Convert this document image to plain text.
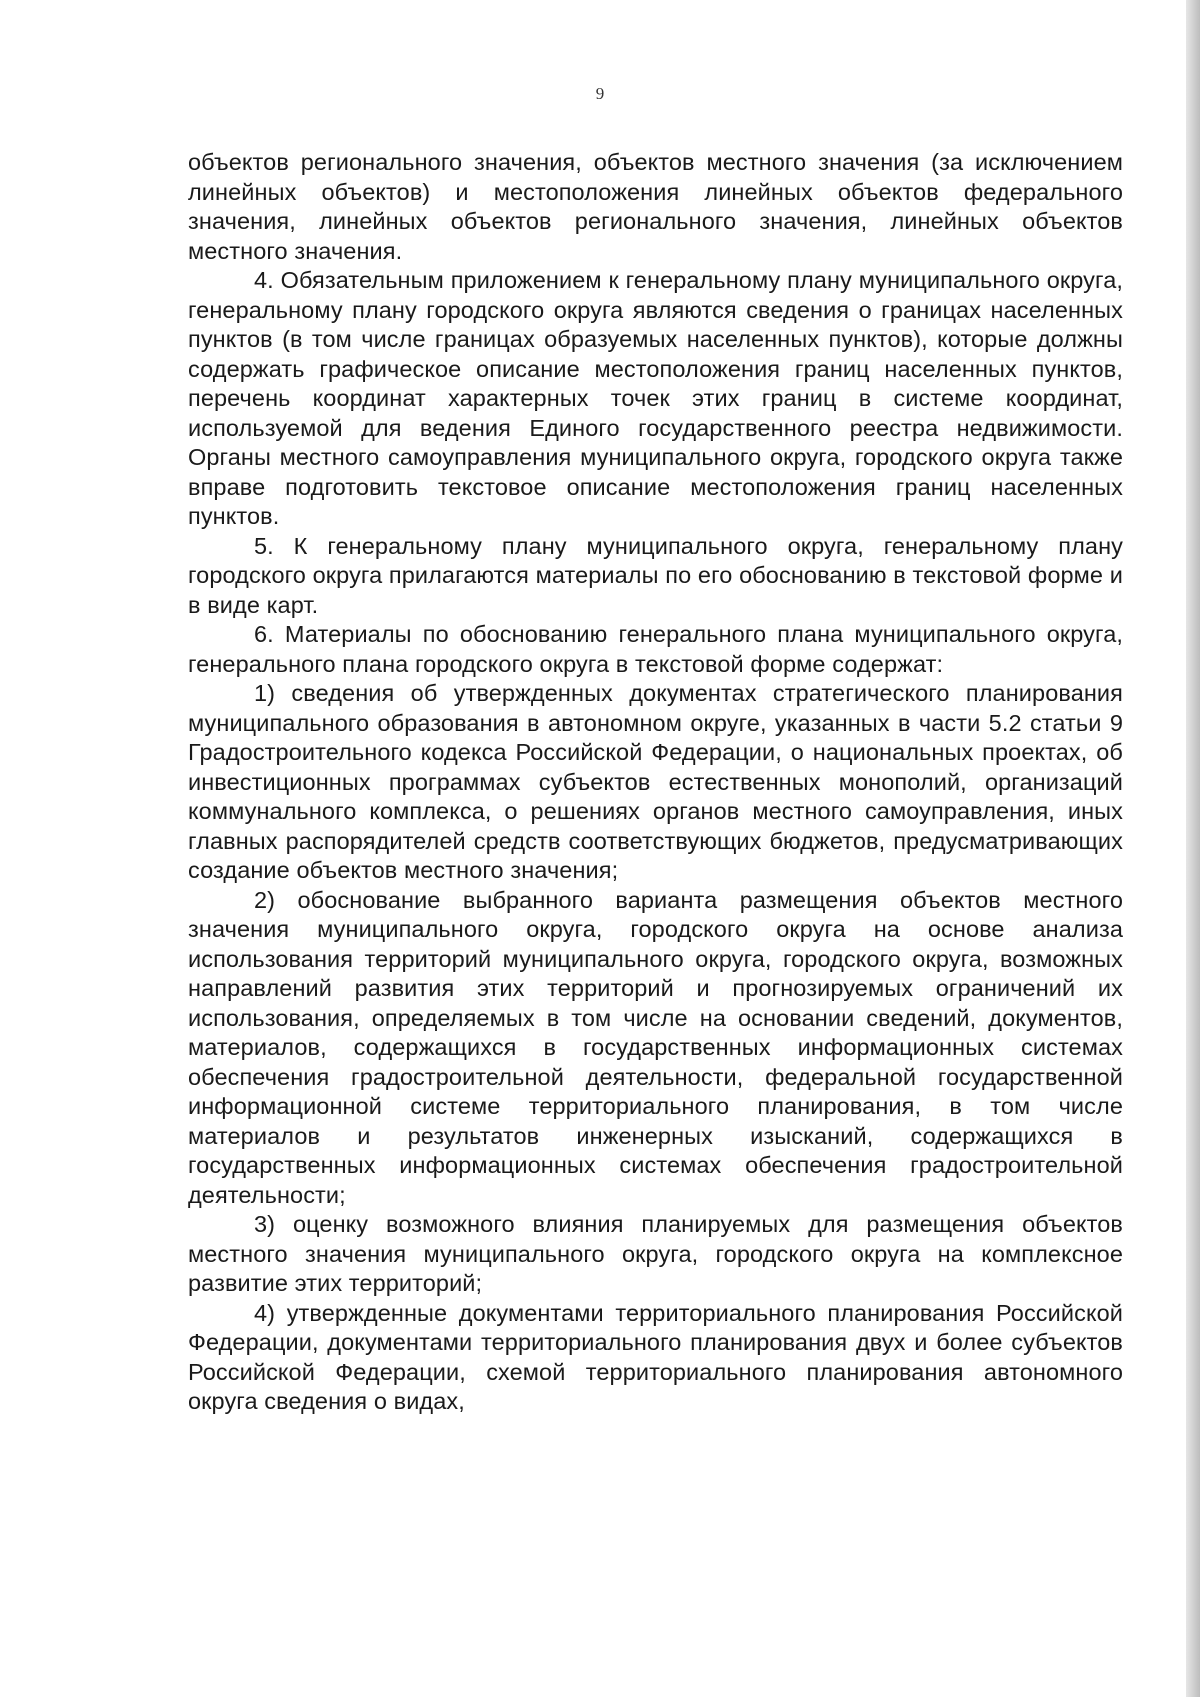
9

объектов регионального значения, объектов местного значения (за исключением линейных объектов) и местоположения линейных объектов федерального значения, линейных объектов регионального значения, линейных объектов местного значения.

4. Обязательным приложением к генеральному плану муниципального округа, генеральному плану городского округа являются сведения о границах населенных пунктов (в том числе границах образуемых населенных пунктов), которые должны содержать графическое описание местоположения границ населенных пунктов, перечень координат характерных точек этих границ в системе координат, используемой для ведения Единого государственного реестра недвижимости. Органы местного самоуправления муниципального округа, городского округа также вправе подготовить текстовое описание местоположения границ населенных пунктов.

5. К генеральному плану муниципального округа, генеральному плану городского округа прилагаются материалы по его обоснованию в текстовой форме и в виде карт.

6. Материалы по обоснованию генерального плана муниципального округа, генерального плана городского округа в текстовой форме содержат:

1) сведения об утвержденных документах стратегического планирования муниципального образования в автономном округе, указанных в части 5.2 статьи 9 Градостроительного кодекса Российской Федерации, о национальных проектах, об инвестиционных программах субъектов естественных монополий, организаций коммунального комплекса, о решениях органов местного самоуправления, иных главных распорядителей средств соответствующих бюджетов, предусматривающих создание объектов местного значения;

2) обоснование выбранного варианта размещения объектов местного значения муниципального округа, городского округа на основе анализа использования территорий муниципального округа, городского округа, возможных направлений развития этих территорий и прогнозируемых ограничений их использования, определяемых в том числе на основании сведений, документов, материалов, содержащихся в государственных информационных системах обеспечения градостроительной деятельности, федеральной государственной информационной системе территориального планирования, в том числе материалов и результатов инженерных изысканий, содержащихся в государственных информационных системах обеспечения градостроительной деятельности;

3) оценку возможного влияния планируемых для размещения объектов местного значения муниципального округа, городского округа на комплексное развитие этих территорий;

4) утвержденные документами территориального планирования Российской Федерации, документами территориального планирования двух и более субъектов Российской Федерации, схемой территориального планирования автономного округа сведения о видах,
